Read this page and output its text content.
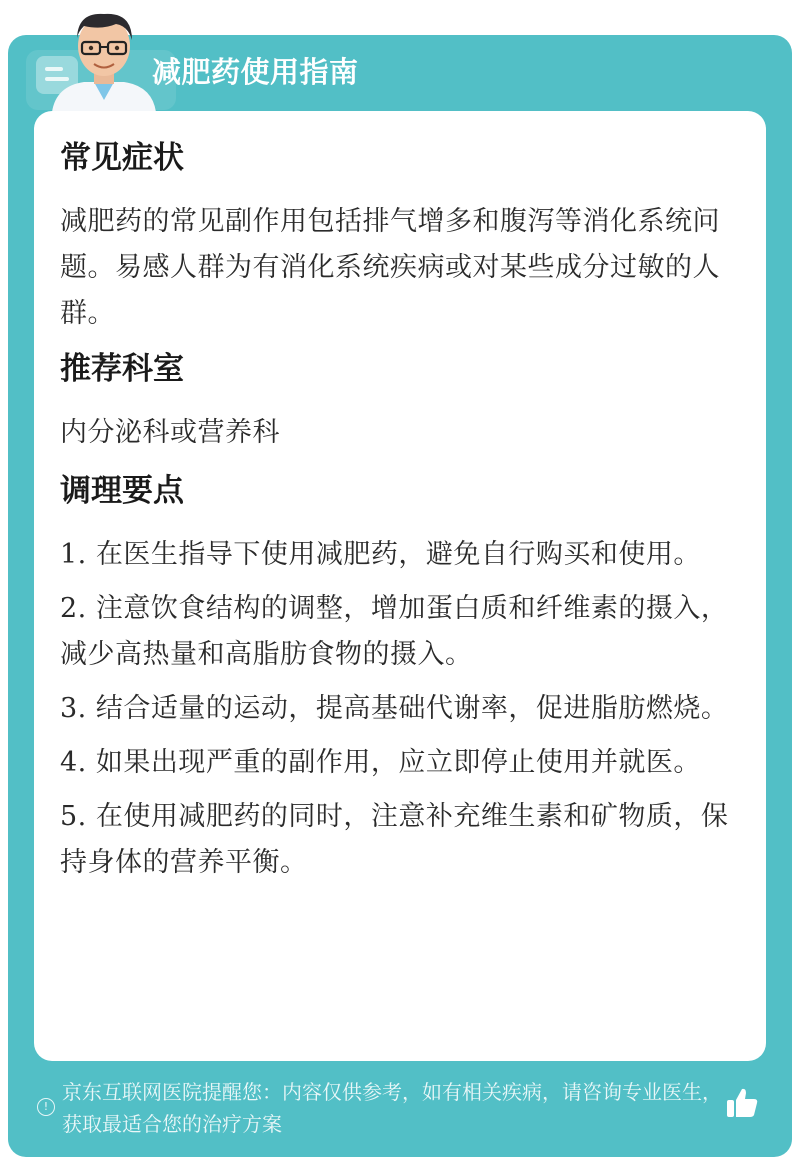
减肥药使用指南
常见症状
减肥药的常见副作用包括排气增多和腹泻等消化系统问题。易感人群为有消化系统疾病或对某些成分过敏的人群。
推荐科室
内分泌科或营养科
调理要点
1. 在医生指导下使用减肥药，避免自行购买和使用。
2. 注意饮食结构的调整，增加蛋白质和纤维素的摄入，减少高热量和高脂肪食物的摄入。
3. 结合适量的运动，提高基础代谢率，促进脂肪燃烧。
4. 如果出现严重的副作用，应立即停止使用并就医。
5. 在使用减肥药的同时，注意补充维生素和矿物质，保持身体的营养平衡。
!
京东互联网医院提醒您：内容仅供参考，如有相关疾病，请咨询专业医生，获取最适合您的治疗方案
